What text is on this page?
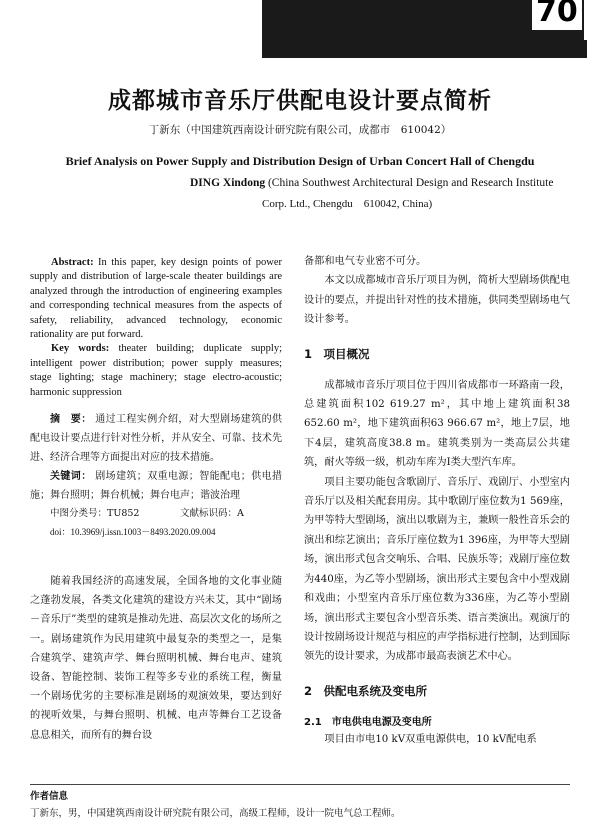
70
成都城市音乐厅供配电设计要点简析
丁新东（中国建筑西南设计研究院有限公司，成都市　610042）
Brief Analysis on Power Supply and Distribution Design of Urban Concert Hall of Chengdu
DING Xindong (China Southwest Architectural Design and Research Institute
Corp. Ltd., Chengdu　610042, China)

Abstract: In this paper, key design points of power supply and distribution of large-scale theater buildings are analyzed through the introduction of engineering examples and corresponding technical measures from the aspects of safety, reliability, advanced technology, economic rationality are put forward.

Key words: theater building; duplicate supply; intelligent power distribution; power supply measures; stage lighting; stage machinery; stage electro-acoustic; harmonic suppression

摘　要： 通过工程实例介绍，对大型剧场建筑的供配电设计要点进行针对性分析，并从安全、可靠、技术先进、经济合理等方面提出对应的技术措施。
关键词： 剧场建筑；双重电源；智能配电；供电措施；舞台照明；舞台机械；舞台电声；谐波治理
中图分类号：TU852	文献标识码：A
doi：10.3969/j.issn.1003－8493.2020.09.004
随着我国经济的高速发展，全国各地的文化事业随之蓬勃发展，各类文化建筑的建设方兴未艾，其中“剧场－音乐厅”类型的建筑是推动先进、高层次文化的场所之一。剧场建筑作为民用建筑中最复杂的类型之一，是集合建筑学、建筑声学、舞台照明机械、舞台电声、建筑设备、智能控制、装饰工程等多专业的系统工程，衡量一个剧场优劣的主要标准是剧场的观演效果，要达到好的视听效果，与舞台照明、机械、电声等舞台工艺设备息息相关，而所有的舞台设

备都和电气专业密不可分。

本文以成都城市音乐厅项目为例，简析大型剧场供配电设计的要点，并提出针对性的技术措施，供同类型剧场电气设计参考。

1　项目概况

成都城市音乐厅项目位于四川省成都市一环路南一段，总建筑面积102 619.27 m²，其中地上建筑面积38 652.60 m²，地下建筑面积63 966.67 m²，地上7层，地下4层，建筑高度38.8 m。建筑类别为一类高层公共建筑，耐火等级一级，机动车库为Ⅰ类大型汽车库。

项目主要功能包含歌剧厅、音乐厅、戏剧厅、小型室内音乐厅以及相关配套用房。其中歌剧厅座位数为1 569座，为甲等特大型剧场，演出以歌剧为主，兼顾一般性音乐会的演出和综艺演出；音乐厅座位数为1 396座，为甲等大型剧场，演出形式包含交响乐、合唱、民族乐等；戏剧厅座位数为440座，为乙等小型剧场，演出形式主要包含中小型戏剧和戏曲；小型室内音乐厅座位数为336座，为乙等小型剧场，演出形式主要包含小型音乐类、语言类演出。观演厅的设计按剧场设计规范与相应的声学指标进行控制，达到国际领先的设计要求，为成都市最高表演艺术中心。

2　供配电系统及变电所
2.1　市电供电电源及变电所

项目由市电10 kV双重电源供电，10 kV配电系

作者信息
丁新东，男，中国建筑西南设计研究院有限公司，高级工程师，设计一院电气总工程师。
